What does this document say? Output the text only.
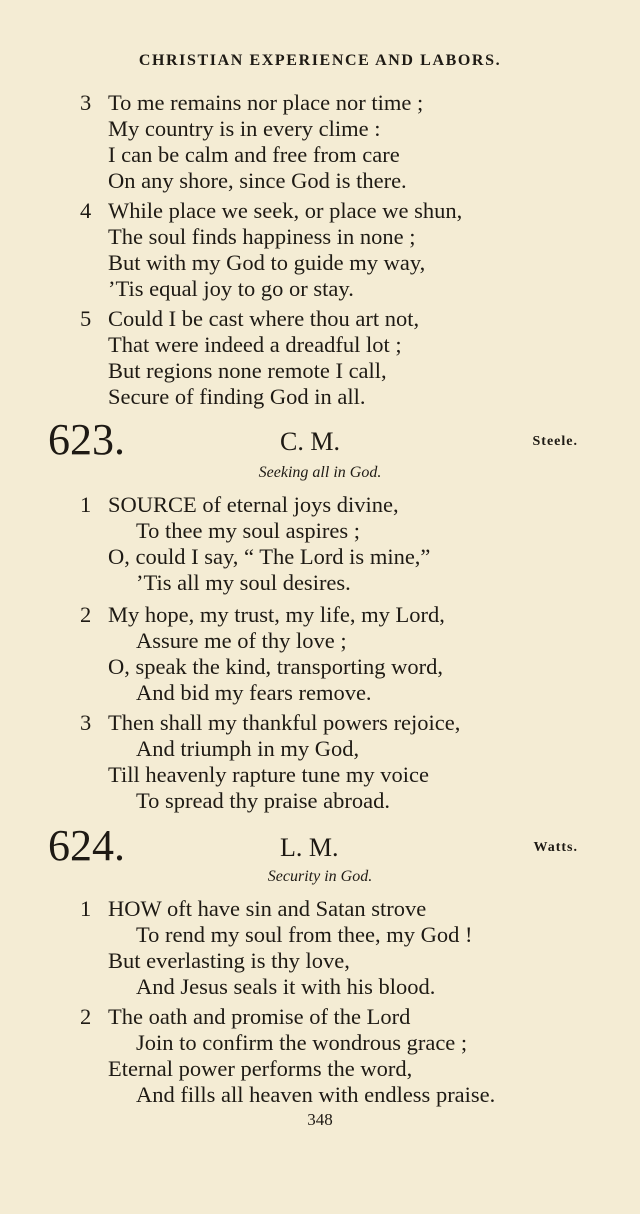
CHRISTIAN EXPERIENCE AND LABORS.
3 To me remains nor place nor time ;
My country is in every clime :
I can be calm and free from care
On any shore, since God is there.
4 While place we seek, or place we shun,
The soul finds happiness in none ;
But with my God to guide my way,
’Tis equal joy to go or stay.
5 Could I be cast where thou art not,
That were indeed a dreadful lot ;
But regions none remote I call,
Secure of finding God in all.
623.	C. M.	Steele.
Seeking all in God.
1 SOURCE of eternal joys divine,
To thee my soul aspires ;
O, could I say, “ The Lord is mine,”
’Tis all my soul desires.
2 My hope, my trust, my life, my Lord,
Assure me of thy love ;
O, speak the kind, transporting word,
And bid my fears remove.
3 Then shall my thankful powers rejoice,
And triumph in my God,
Till heavenly rapture tune my voice
To spread thy praise abroad.
624.	L. M.	Watts.
Security in God.
1 HOW oft have sin and Satan strove
To rend my soul from thee, my God !
But everlasting is thy love,
And Jesus seals it with his blood.
2 The oath and promise of the Lord
Join to confirm the wondrous grace ;
Eternal power performs the word,
And fills all heaven with endless praise.
348
